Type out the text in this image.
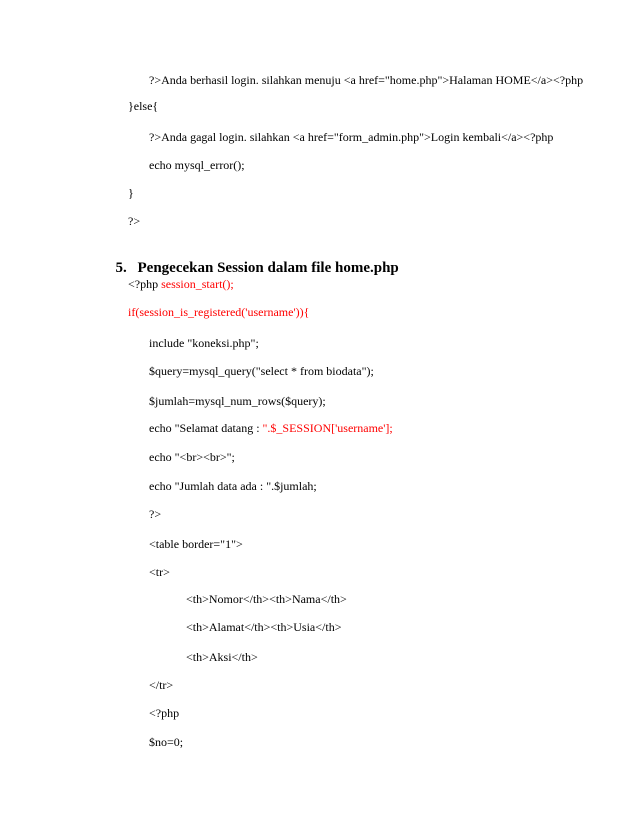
?>Anda berhasil login. silahkan menuju <a href="home.php">Halaman HOME</a><?php
}else{
?>Anda gagal login. silahkan <a href="form_admin.php">Login kembali</a><?php
echo mysql_error();
}
?>

5. Pengecekan Session dalam file home.php

<?php session_start();
if(session_is_registered('username')){
include "koneksi.php";
$query=mysql_query("select * from biodata");
$jumlah=mysql_num_rows($query);
echo "Selamat datang : ".$_SESSION['username'];
echo "<br><br>";
echo "Jumlah data ada : ".$jumlah;
?>
<table border="1">
<tr>
<th>Nomor</th><th>Nama</th>
<th>Alamat</th><th>Usia</th>
<th>Aksi</th>
</tr>
<?php
$no=0;
